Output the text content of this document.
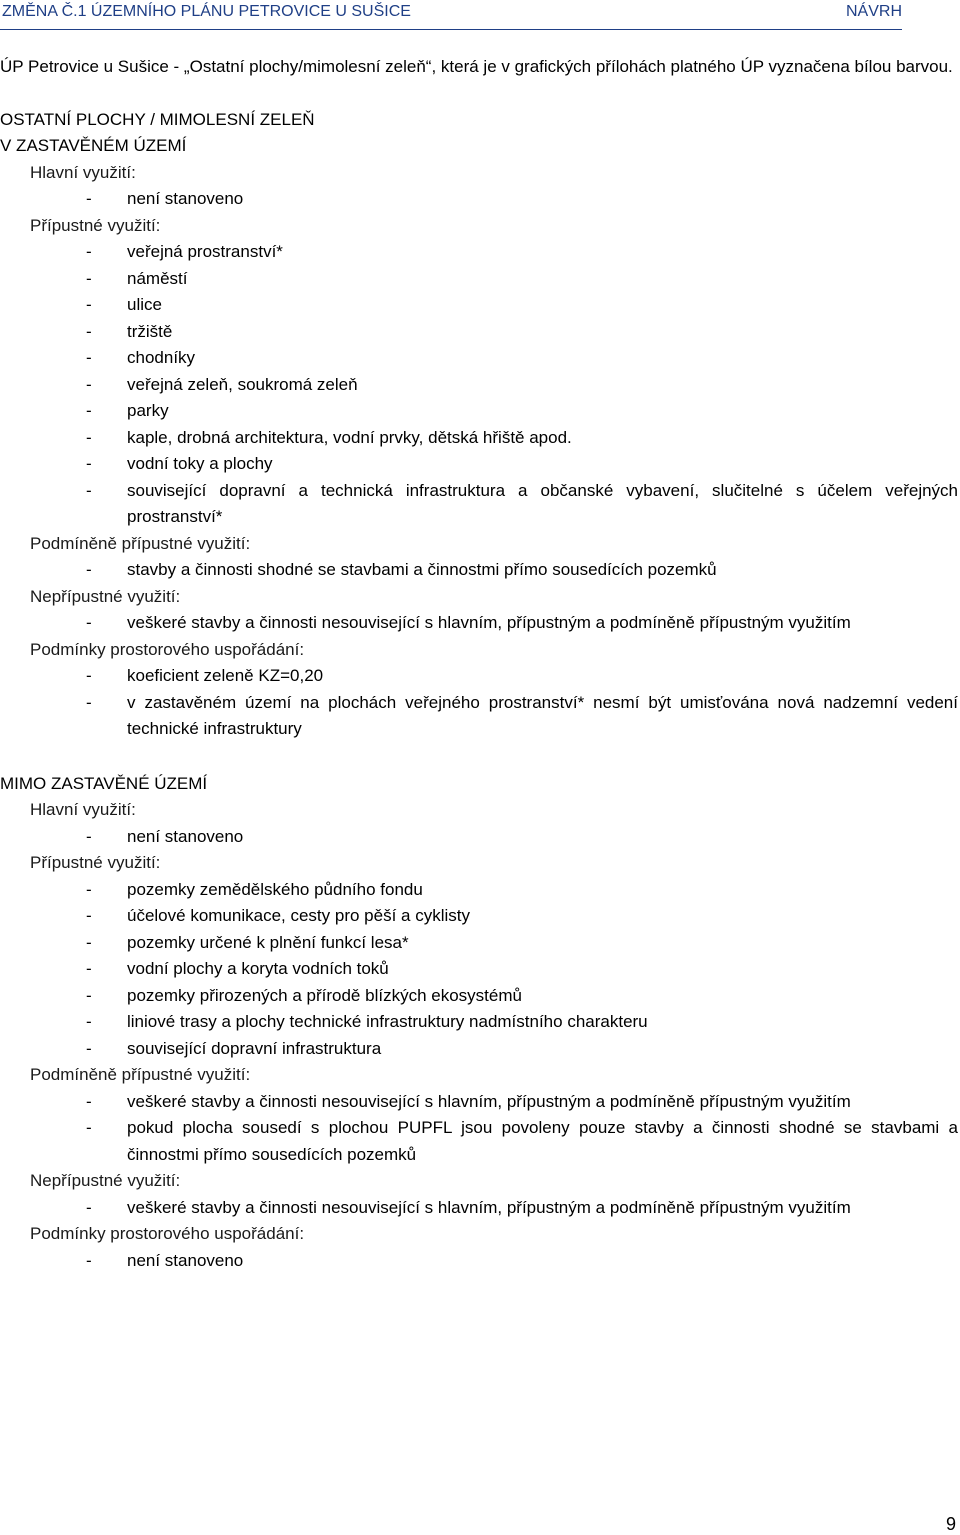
ZMĚNA Č.1 ÚZEMNÍHO PLÁNU PETROVICE U SUŠICE	NÁVRH

ÚP Petrovice u Sušice - „Ostatní plochy/mimolesní zeleň“, která je v grafických přílohách platného ÚP vyznačena bílou barvou.

OSTATNÍ PLOCHY / MIMOLESNÍ ZELEŇ
V ZASTAVĚNÉM ÚZEMÍ
Hlavní využití:
- není stanoveno
Přípustné využití:
- veřejná prostranství*
- náměstí
- ulice
- tržiště
- chodníky
- veřejná zeleň, soukromá zeleň
- parky
- kaple, drobná architektura, vodní prvky, dětská hřiště apod.
- vodní toky a plochy
- související dopravní a technická infrastruktura a občanské vybavení, slučitelné s účelem veřejných prostranství*
Podmíněně přípustné využití:
- stavby a činnosti shodné se stavbami a činnostmi přímo sousedících pozemků
Nepřípustné využití:
- veškeré stavby a činnosti nesouvisející s hlavním, přípustným a podmíněně přípustným využitím
Podmínky prostorového uspořádání:
- koeficient zeleně KZ=0,20
- v zastavěném území na plochách veřejného prostranství* nesmí být umisťována nová nadzemní vedení technické infrastruktury
MIMO ZASTAVĚNÉ ÚZEMÍ
Hlavní využití:
- není stanoveno
Přípustné využití:
- pozemky zemědělského půdního fondu
- účelové komunikace, cesty pro pěší a cyklisty
- pozemky určené k plnění funkcí lesa*
- vodní plochy a koryta vodních toků
- pozemky přirozených a přírodě blízkých ekosystémů
- liniové trasy a plochy technické infrastruktury nadmístního charakteru
- související dopravní infrastruktura
Podmíněně přípustné využití:
- veškeré stavby a činnosti nesouvisející s hlavním, přípustným a podmíněně přípustným využitím
- pokud plocha sousedí s plochou PUPFL jsou povoleny pouze stavby a činnosti shodné se stavbami a činnostmi přímo sousedících pozemků
Nepřípustné využití:
- veškeré stavby a činnosti nesouvisející s hlavním, přípustným a podmíněně přípustným využitím
Podmínky prostorového uspořádání:
- není stanoveno
9
